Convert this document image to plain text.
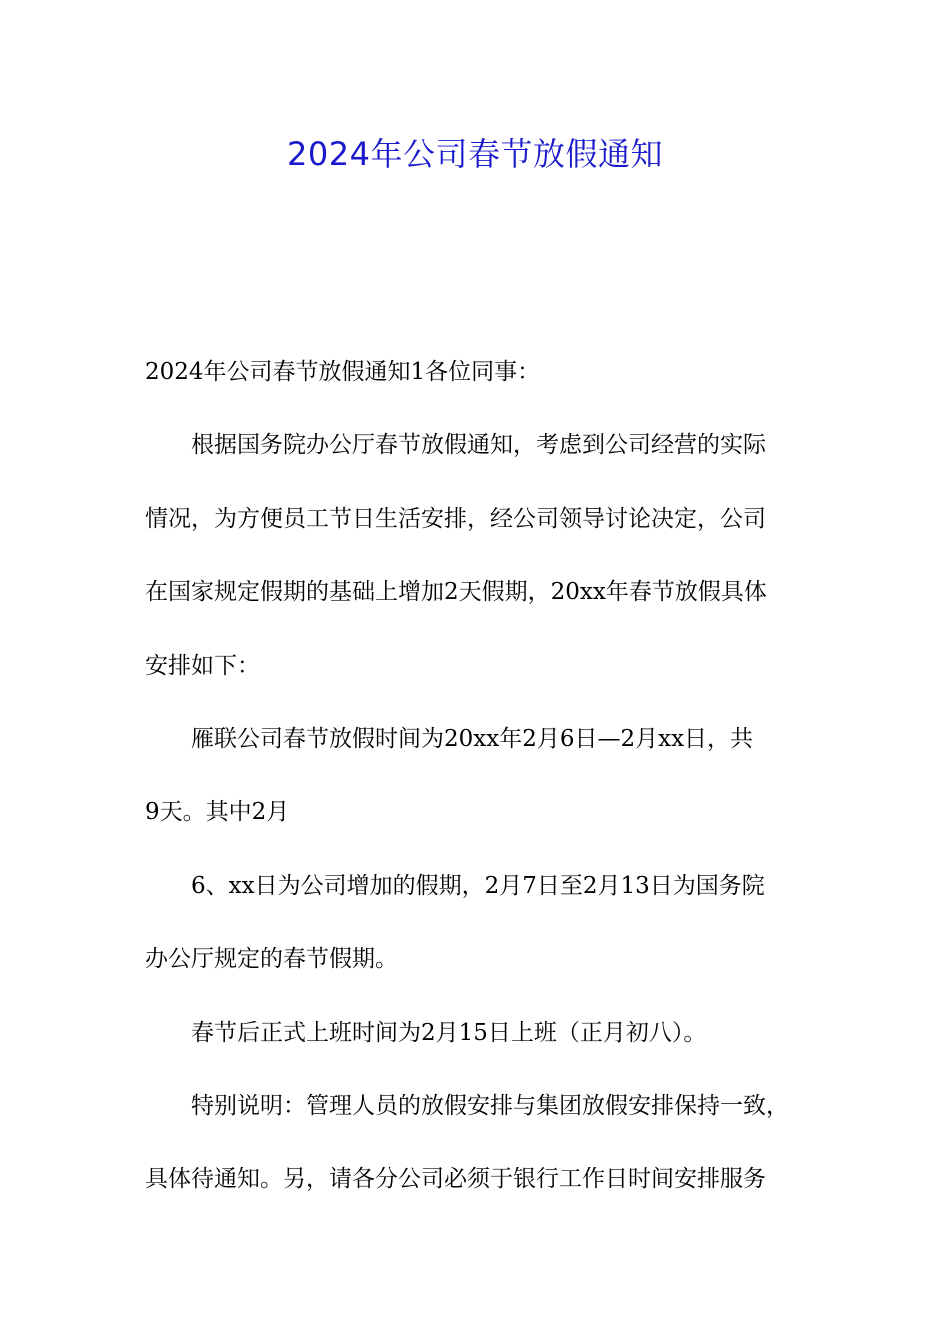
2024年公司春节放假通知

2024年公司春节放假通知1各位同事：

根据国务院办公厅春节放假通知，考虑到公司经营的实际

情况，为方便员工节日生活安排，经公司领导讨论决定，公司

在国家规定假期的基础上增加2天假期，20xx年春节放假具体

安排如下：

雁联公司春节放假时间为20xx年2月6日—2月xx日，共

9天。其中2月

6、xx日为公司增加的假期，2月7日至2月13日为国务院

办公厅规定的春节假期。

春节后正式上班时间为2月15日上班（正月初八）。

特别说明：管理人员的放假安排与集团放假安排保持一致，

具体待通知。另，请各分公司必须于银行工作日时间安排服务
